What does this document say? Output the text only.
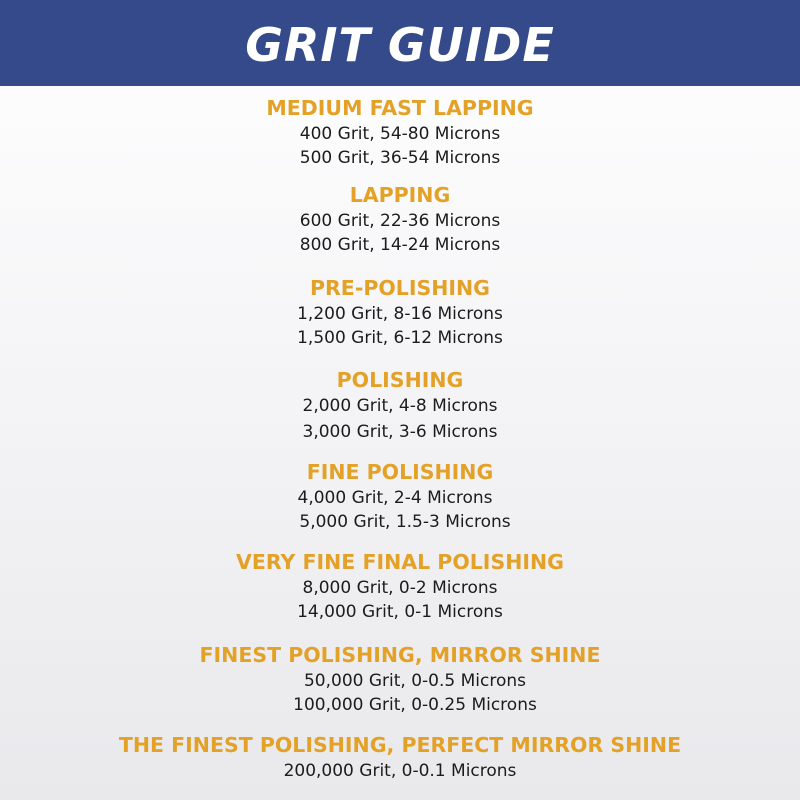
GRIT GUIDE
MEDIUM FAST LAPPING
400 Grit, 54-80 Microns
500 Grit, 36-54 Microns
LAPPING
600 Grit, 22-36 Microns
800 Grit, 14-24 Microns
PRE-POLISHING
1,200 Grit, 8-16 Microns
1,500 Grit, 6-12 Microns
POLISHING
2,000 Grit, 4-8 Microns
3,000 Grit, 3-6 Microns
FINE POLISHING
4,000 Grit, 2-4 Microns
5,000 Grit, 1.5-3 Microns
VERY FINE FINAL POLISHING
8,000 Grit, 0-2 Microns
14,000 Grit, 0-1 Microns
FINEST POLISHING, MIRROR SHINE
50,000 Grit, 0-0.5 Microns
100,000 Grit, 0-0.25 Microns
THE FINEST POLISHING, PERFECT MIRROR SHINE
200,000 Grit, 0-0.1 Microns
